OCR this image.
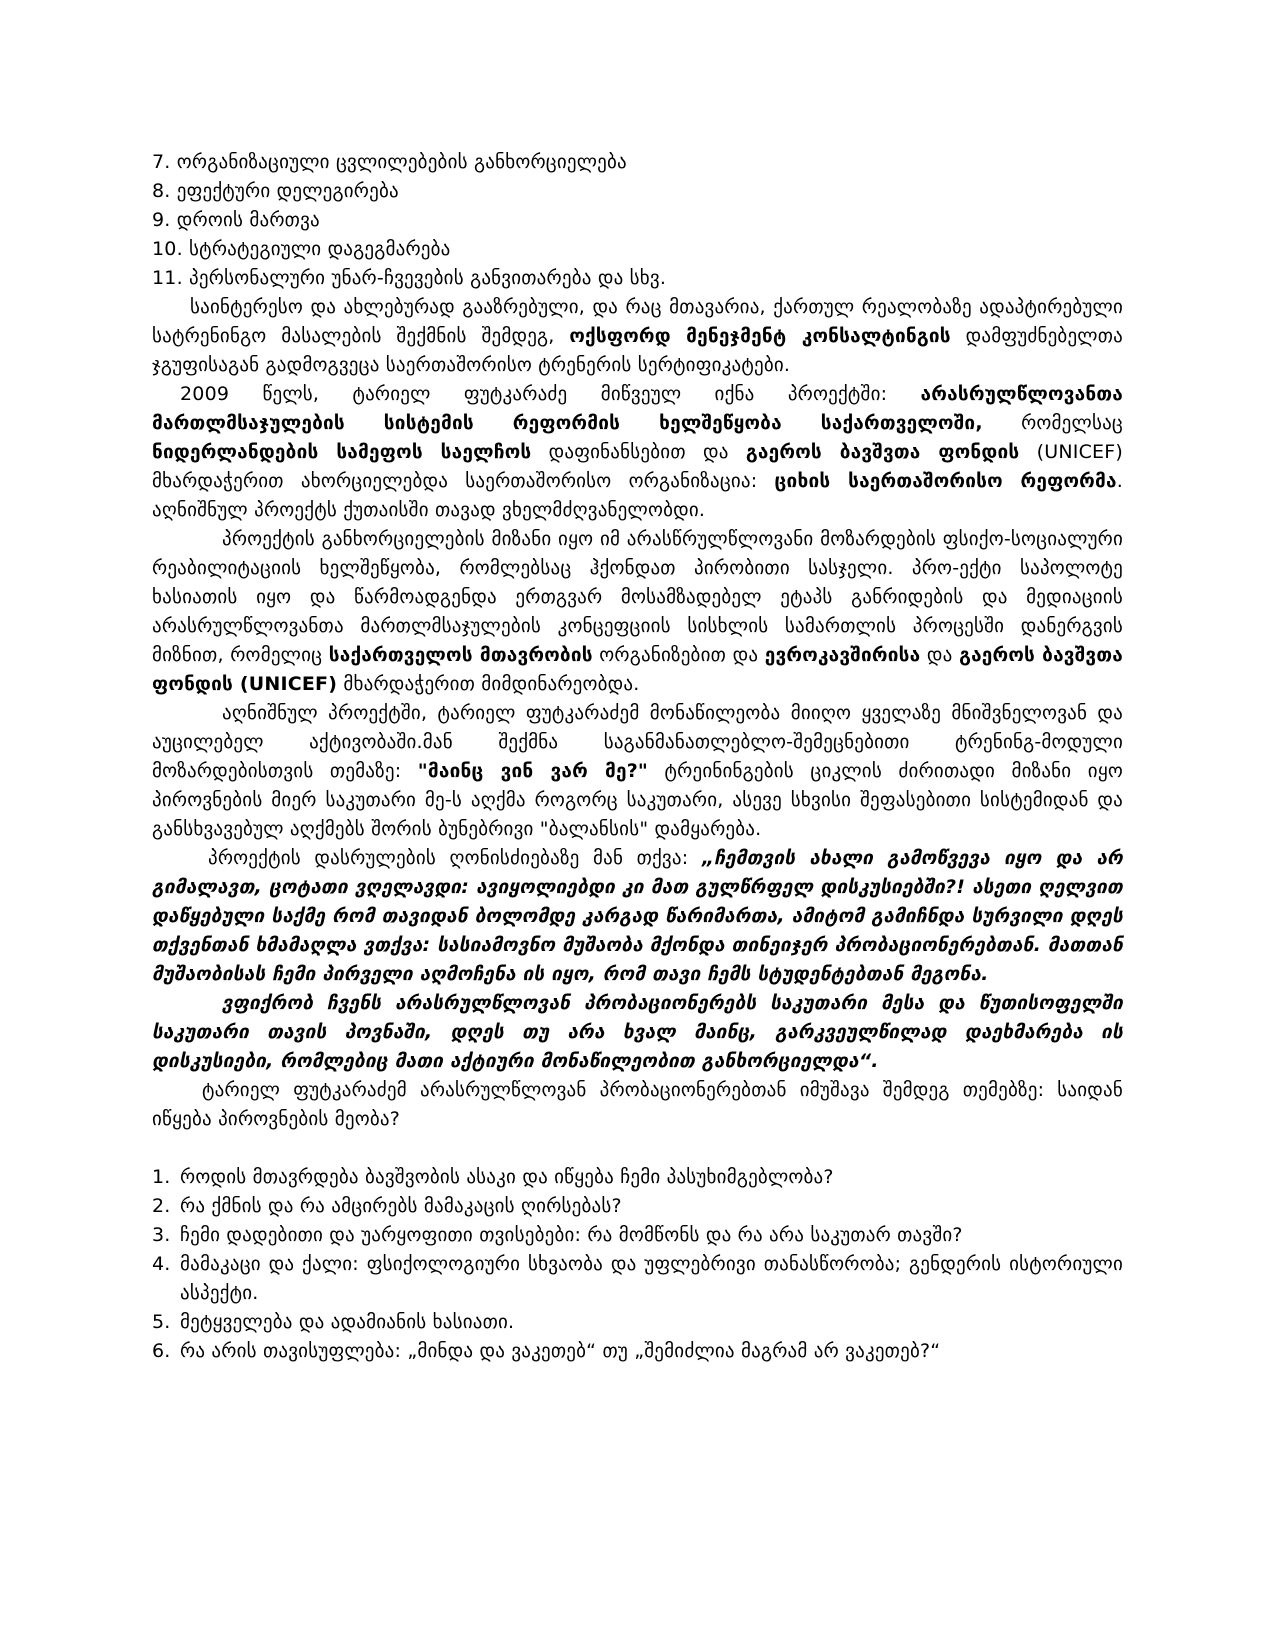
7. ორგანიზაციული ცვლილებების განხორციელება
8. ეფექტური დელეგირება
9. დროის მართვა
10. სტრატეგიული დაგეგმარება
11. პერსონალური უნარ-ჩვევების განვითარება და სხვ.

საინტერესო და ახლებურად გააზრებული, და რაც მთავარია, ქართულ რეალობაზე ადაპტირებული სატრენინგო მასალების შექმნის შემდეგ, ოქსფორდ მენეჯმენტ კონსალტინგის დამფუძნებელთა ჯგუფისაგან გადმოგვეცა საერთაშორისო ტრენერის სერტიფიკატები.

2009 წელს, ტარიელ ფუტკარაძე მიწვეულ იქნა პროექტში: არასრულწლოვანთა მართლმსაჯულების სისტემის რეფორმის ხელშეწყობა საქართველოში, რომელსაც ნიდერლანდების სამეფოს საელჩოს დაფინანსებით და გაეროს ბავშვთა ფონდის (UNICEF) მხარდაჭერით ახორციელებდა საერთაშორისო ორგანიზაცია: ციხის საერთაშორისო რეფორმა. აღნიშნულ პროექტს ქუთაისში თავად ვხელმძღვანელობდი.

პროექტის განხორციელების მიზანი იყო იმ არასწრულწლოვანი მოზარდების ფსიქო-სოციალური რეაბილიტაციის ხელშეწყობა, რომლებსაც ჰქონდათ პირობითი სასჯელი. პრო-ექტი საპოლოტე ხასიათის იყო და წარმოადგენდა ერთგვარ მოსამზადებელ ეტაპს განრიდების და მედიაციის არასრულწლოვანთა მართლმსაჯულების კონცეფციის სისხლის სამართლის პროცესში დანერგვის მიზნით, რომელიც საქართველოს მთავრობის ორგანიზებით და ევროკავშირისა და გაეროს ბავშვთა ფონდის (UNICEF) მხარდაჭერით მიმდინარეობდა.

აღნიშნულ პროექტში, ტარიელ ფუტკარაძემ მონაწილეობა მიიღო ყველაზე მნიშვნელოვან და აუცილებელ აქტივობაში.მან შექმნა საგანმანათლებლო-შემეცნებითი ტრენინგ-მოდული მოზარდებისთვის თემაზე: "მაინც ვინ ვარ მე?" ტრეინინგების ციკლის ძირითადი მიზანი იყო პიროვნების მიერ საკუთარი მე-ს აღქმა როგორც საკუთარი, ასევე სხვისი შეფასებითი სისტემიდან და განსხვავებულ აღქმებს შორის ბუნებრივი "ბალანსის" დამყარება.

პროექტის დასრულების ღონისძიებაზე მან თქვა: „ჩემთვის ახალი გამოწვევა იყო და არ გიმალავთ, ცოტათი ვღელავდი: ავიყოლიებდი კი მათ გულწრფელ დისკუსიებში?! ასეთი ღელვით დაწყებული საქმე რომ თავიდან ბოლომდე კარგად წარიმართა, ამიტომ გამიჩნდა სურვილი დღეს თქვენთან ხმამაღლა ვთქვა: სასიამოვნო მუშაობა მქონდა თინეიჯერ პრობაციონერებთან. მათთან მუშაობისას ჩემი პირველი აღმოჩენა ის იყო, რომ თავი ჩემს სტუდენტებთან მეგონა.

ვფიქრობ ჩვენს არასრულწლოვან პრობაციონერებს საკუთარი მესა და წუთისოფელში საკუთარი თავის პოვნაში, დღეს თუ არა ხვალ მაინც, გარკვეულწილად დაეხმარება ის დისკუსიები, რომლებიც მათი აქტიური მონაწილეობით განხორციელდა“.

ტარიელ ფუტკარაძემ არასრულწლოვან პრობაციონერებთან იმუშავა შემდეგ თემებზე: საიდან იწყება პიროვნების მეობა?

1. როდის მთავრდება ბავშვობის ასაკი და იწყება ჩემი პასუხიმგებლობა?
2. რა ქმნის და რა ამცირებს მამაკაცის ღირსებას?
3. ჩემი დადებითი და უარყოფითი თვისებები: რა მომწონს და რა არა საკუთარ თავში?
4. მამაკაცი და ქალი: ფსიქოლოგიური სხვაობა და უფლებრივი თანასწორობა; გენდერის ისტორიული ასპექტი.
5. მეტყველება და ადამიანის ხასიათი.
6. რა არის თავისუფლება: „მინდა და ვაკეთებ“ თუ „შემიძლია მაგრამ არ ვაკეთებ?“
